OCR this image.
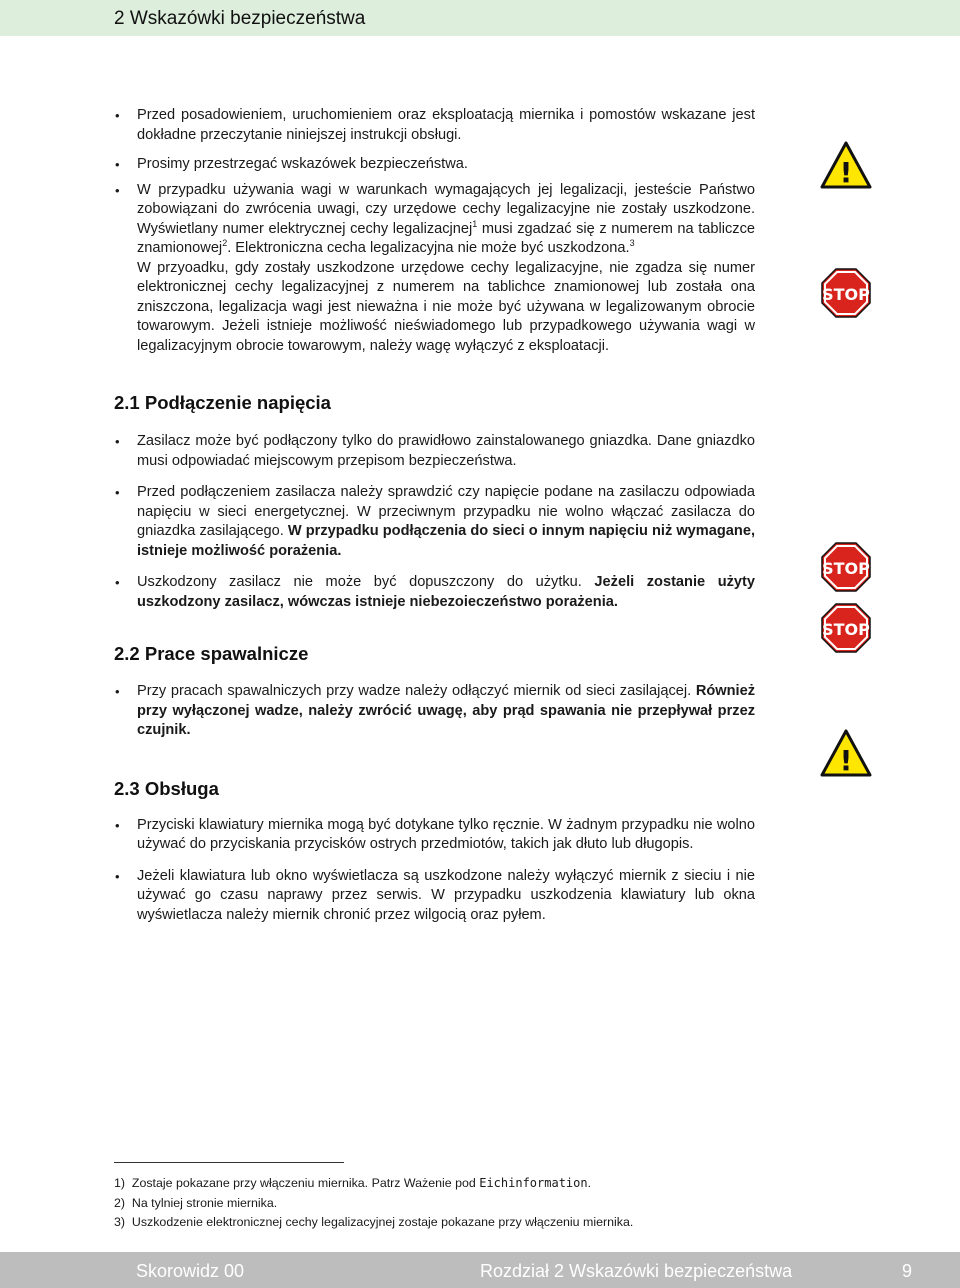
2 Wskazówki bezpieczeństwa
• Przed posadowieniem, uruchomieniem oraz eksploatacją miernika i pomostów wskazane jest dokładne przeczytanie niniejszej instrukcji obsługi.
• Prosimy przestrzegać wskazówek bezpieczeństwa.

• W przypadku używania wagi w warunkach wymagających jej legalizacji, jesteście Państwo zobowiązani do zwrócenia uwagi, czy urzędowe cechy legalizacyjne nie zostały uszkodzone. Wyświetlany numer elektrycznej cechy legalizacjnej$^1$ musi zgadzać się z numerem na tabliczce znamionowej$^2$. Elektroniczna cecha legalizacyjna nie może być uszkodzona.$^3$

W przyoadku, gdy zostały uszkodzone urzędowe cechy legalizacyjne, nie zgadza się numer elektronicznej cechy legalizacyjnej z numerem na tablichce znamionowej lub została ona zniszczona, legalizacja wagi jest nieważna i nie może być używana w legalizowanym obrocie towarowym. Jeżeli istnieje możliwość nieświadomego lub przypadkowego używania wagi w legalizacyjnym obrocie towarowym, należy wagę wyłączyć z eksploatacji.

2.1 Podłączenie napięcia
• Zasilacz może być podłączony tylko do prawidłowo zainstalowanego gniazdka. Dane gniazdko musi odpowiadać miejscowym przepisom bezpieczeństwa.
• Przed podłączeniem zasilacza należy sprawdzić czy napięcie podane na zasilaczu odpowiada napięciu w sieci energetycznej. W przeciwnym przypadku nie wolno włączać zasilacza do gniazdka zasilającego. W przypadku podłączenia do sieci o innym napięciu niż wymagane, istnieje możliwość porażenia.
• Uszkodzony zasilacz nie może być dopuszczony do użytku. Jeżeli zostanie użyty uszkodzony zasilacz, wówczas istnieje niebezoieczeństwo porażenia.
2.2 Prace spawalnicze
• Przy pracach spawalniczych przy wadze należy odłączyć miernik od sieci zasilającej. Również przy wyłączonej wadze, należy zwrócić uwagę, aby prąd spawania nie przepływał przez czujnik.
2.3 Obsługa
• Przyciski klawiatury miernika mogą być dotykane tylko ręcznie. W żadnym przypadku nie wolno używać do przyciskania przycisków ostrych przedmiotów, takich jak dłuto lub długopis.
• Jeżeli klawiatura lub okno wyświetlacza są uszkodzone należy wyłączyć miernik z sieciu i nie używać go czasu naprawy przez serwis. W przypadku uszkodzenia klawiatury lub okna wyświetlacza należy miernik chronić przez wilgocią oraz pyłem.
!
STOP
STOP
STOP
!
1)  Zostaje pokazane przy włączeniu miernika. Patrz Ważenie pod Eichinformation.
2)  Na tylniej stronie miernika.
3)  Uszkodzenie elektronicznej cechy legalizacyjnej zostaje pokazane przy włączeniu miernika.
Skorowidz 00	Rozdział 2 Wskazówki bezpieczeństwa	9
